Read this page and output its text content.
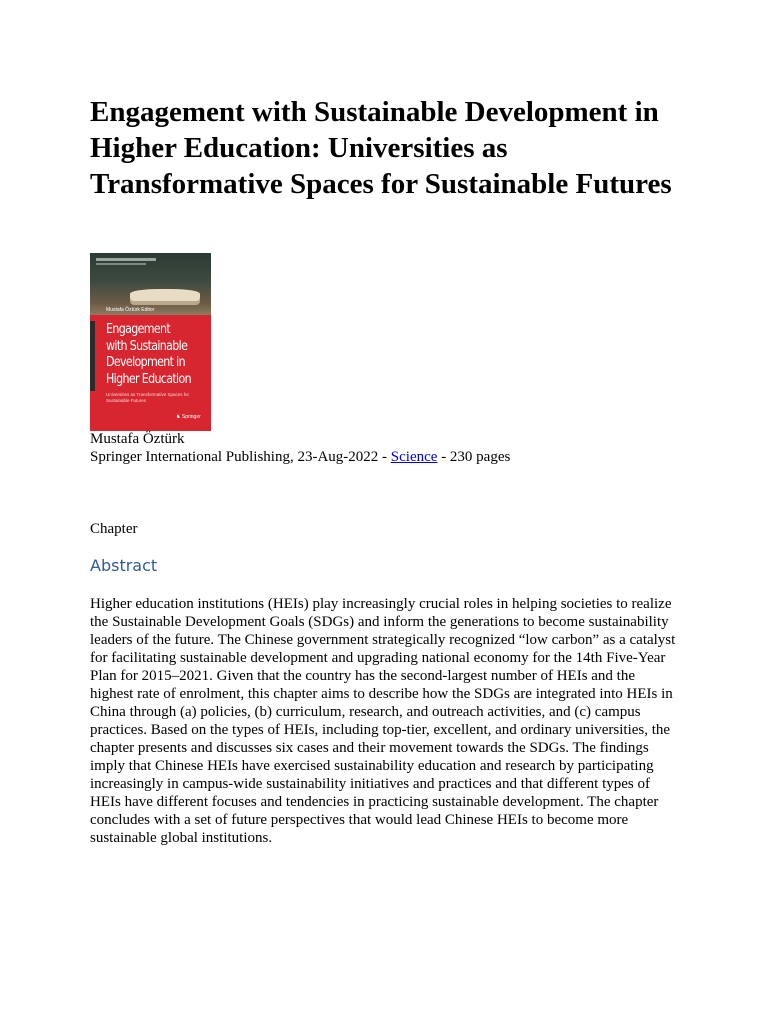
Engagement with Sustainable Development in Higher Education: Universities as Transformative Spaces for Sustainable Futures
Mustafa Öztürk Editor
Engagement
with Sustainable
Development in
Higher Education
Universities as Transformative Spaces for Sustainable Futures
♞ Springer
Mustafa Öztürk
Springer International Publishing, 23-Aug-2022 - Science - 230 pages
Chapter
Abstract

Higher education institutions (HEIs) play increasingly crucial roles in helping societies to realize the Sustainable Development Goals (SDGs) and inform the generations to become sustainability leaders of the future. The Chinese government strategically recognized “low carbon” as a catalyst for facilitating sustainable development and upgrading national economy for the 14th Five-Year Plan for 2015–2021. Given that the country has the second-largest number of HEIs and the highest rate of enrolment, this chapter aims to describe how the SDGs are integrated into HEIs in China through (a) policies, (b) curriculum, research, and outreach activities, and (c) campus practices. Based on the types of HEIs, including top-tier, excellent, and ordinary universities, the chapter presents and discusses six cases and their movement towards the SDGs. The findings imply that Chinese HEIs have exercised sustainability education and research by participating increasingly in campus-wide sustainability initiatives and practices and that different types of HEIs have different focuses and tendencies in practicing sustainable development. The chapter concludes with a set of future perspectives that would lead Chinese HEIs to become more sustainable global institutions.
